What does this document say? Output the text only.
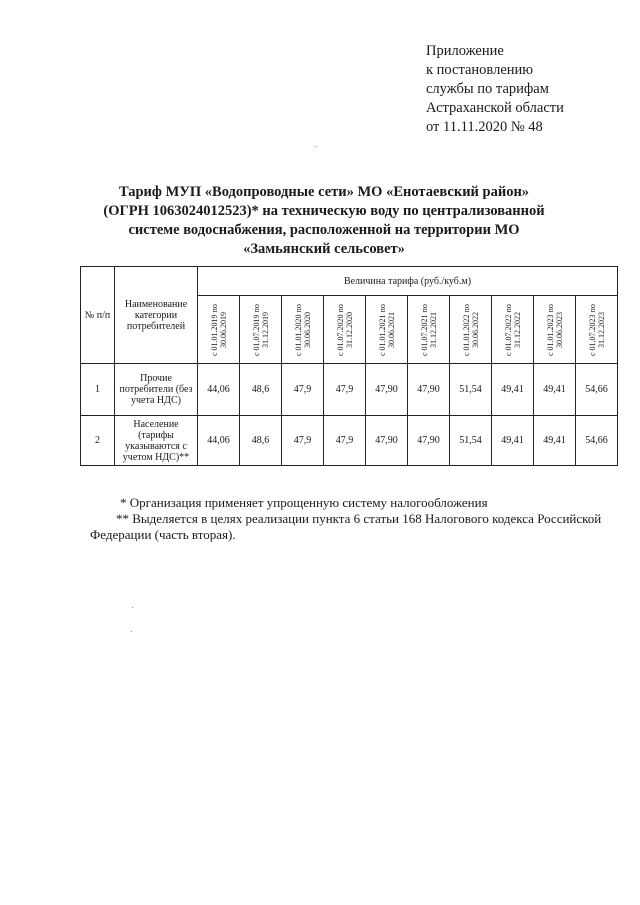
Приложение
к постановлению
службы по тарифам
Астраханской области
от 11.11.2020 № 48
Тариф МУП «Водопроводные сети» МО «Енотаевский район» (ОГРН 1063024012523)* на техническую воду по централизованной системе водоснабжения, расположенной на территории МО «Замьянский сельсовет»
№ п/п	Наименование категории потребителей	Величина тарифа (руб./куб.м)									

		с 01.01.2019 по 30.06.2019	с 01.07.2019 по 31.12.2019	с 01.01.2020 по 30.06.2020	с 01.07.2020 по 31.12.2020	с 01.01.2021 по 30.06.2021	с 01.07.2021 по 31.12.2021	с 01.01.2022 по 30.06.2022	с 01.07.2022 по 31.12.2022	с 01.01.2023 по 30.06.2023	с 01.07.2023 по 31.12.2023

1	Прочие потребители (без учета НДС)	44,06	48,6	47,9	47,9	47,90	47,90	51,54	49,41	49,41	54,66
2	Население (тарифы указываются с учетом НДС)**	44,06	48,6	47,9	47,9	47,90	47,90	51,54	49,41	49,41	54,66
* Организация применяет упрощенную систему налогообложения
** Выделяется в целях реализации пункта 6 статьи 168 Налогового кодекса Российской
Федерации (часть вторая).
